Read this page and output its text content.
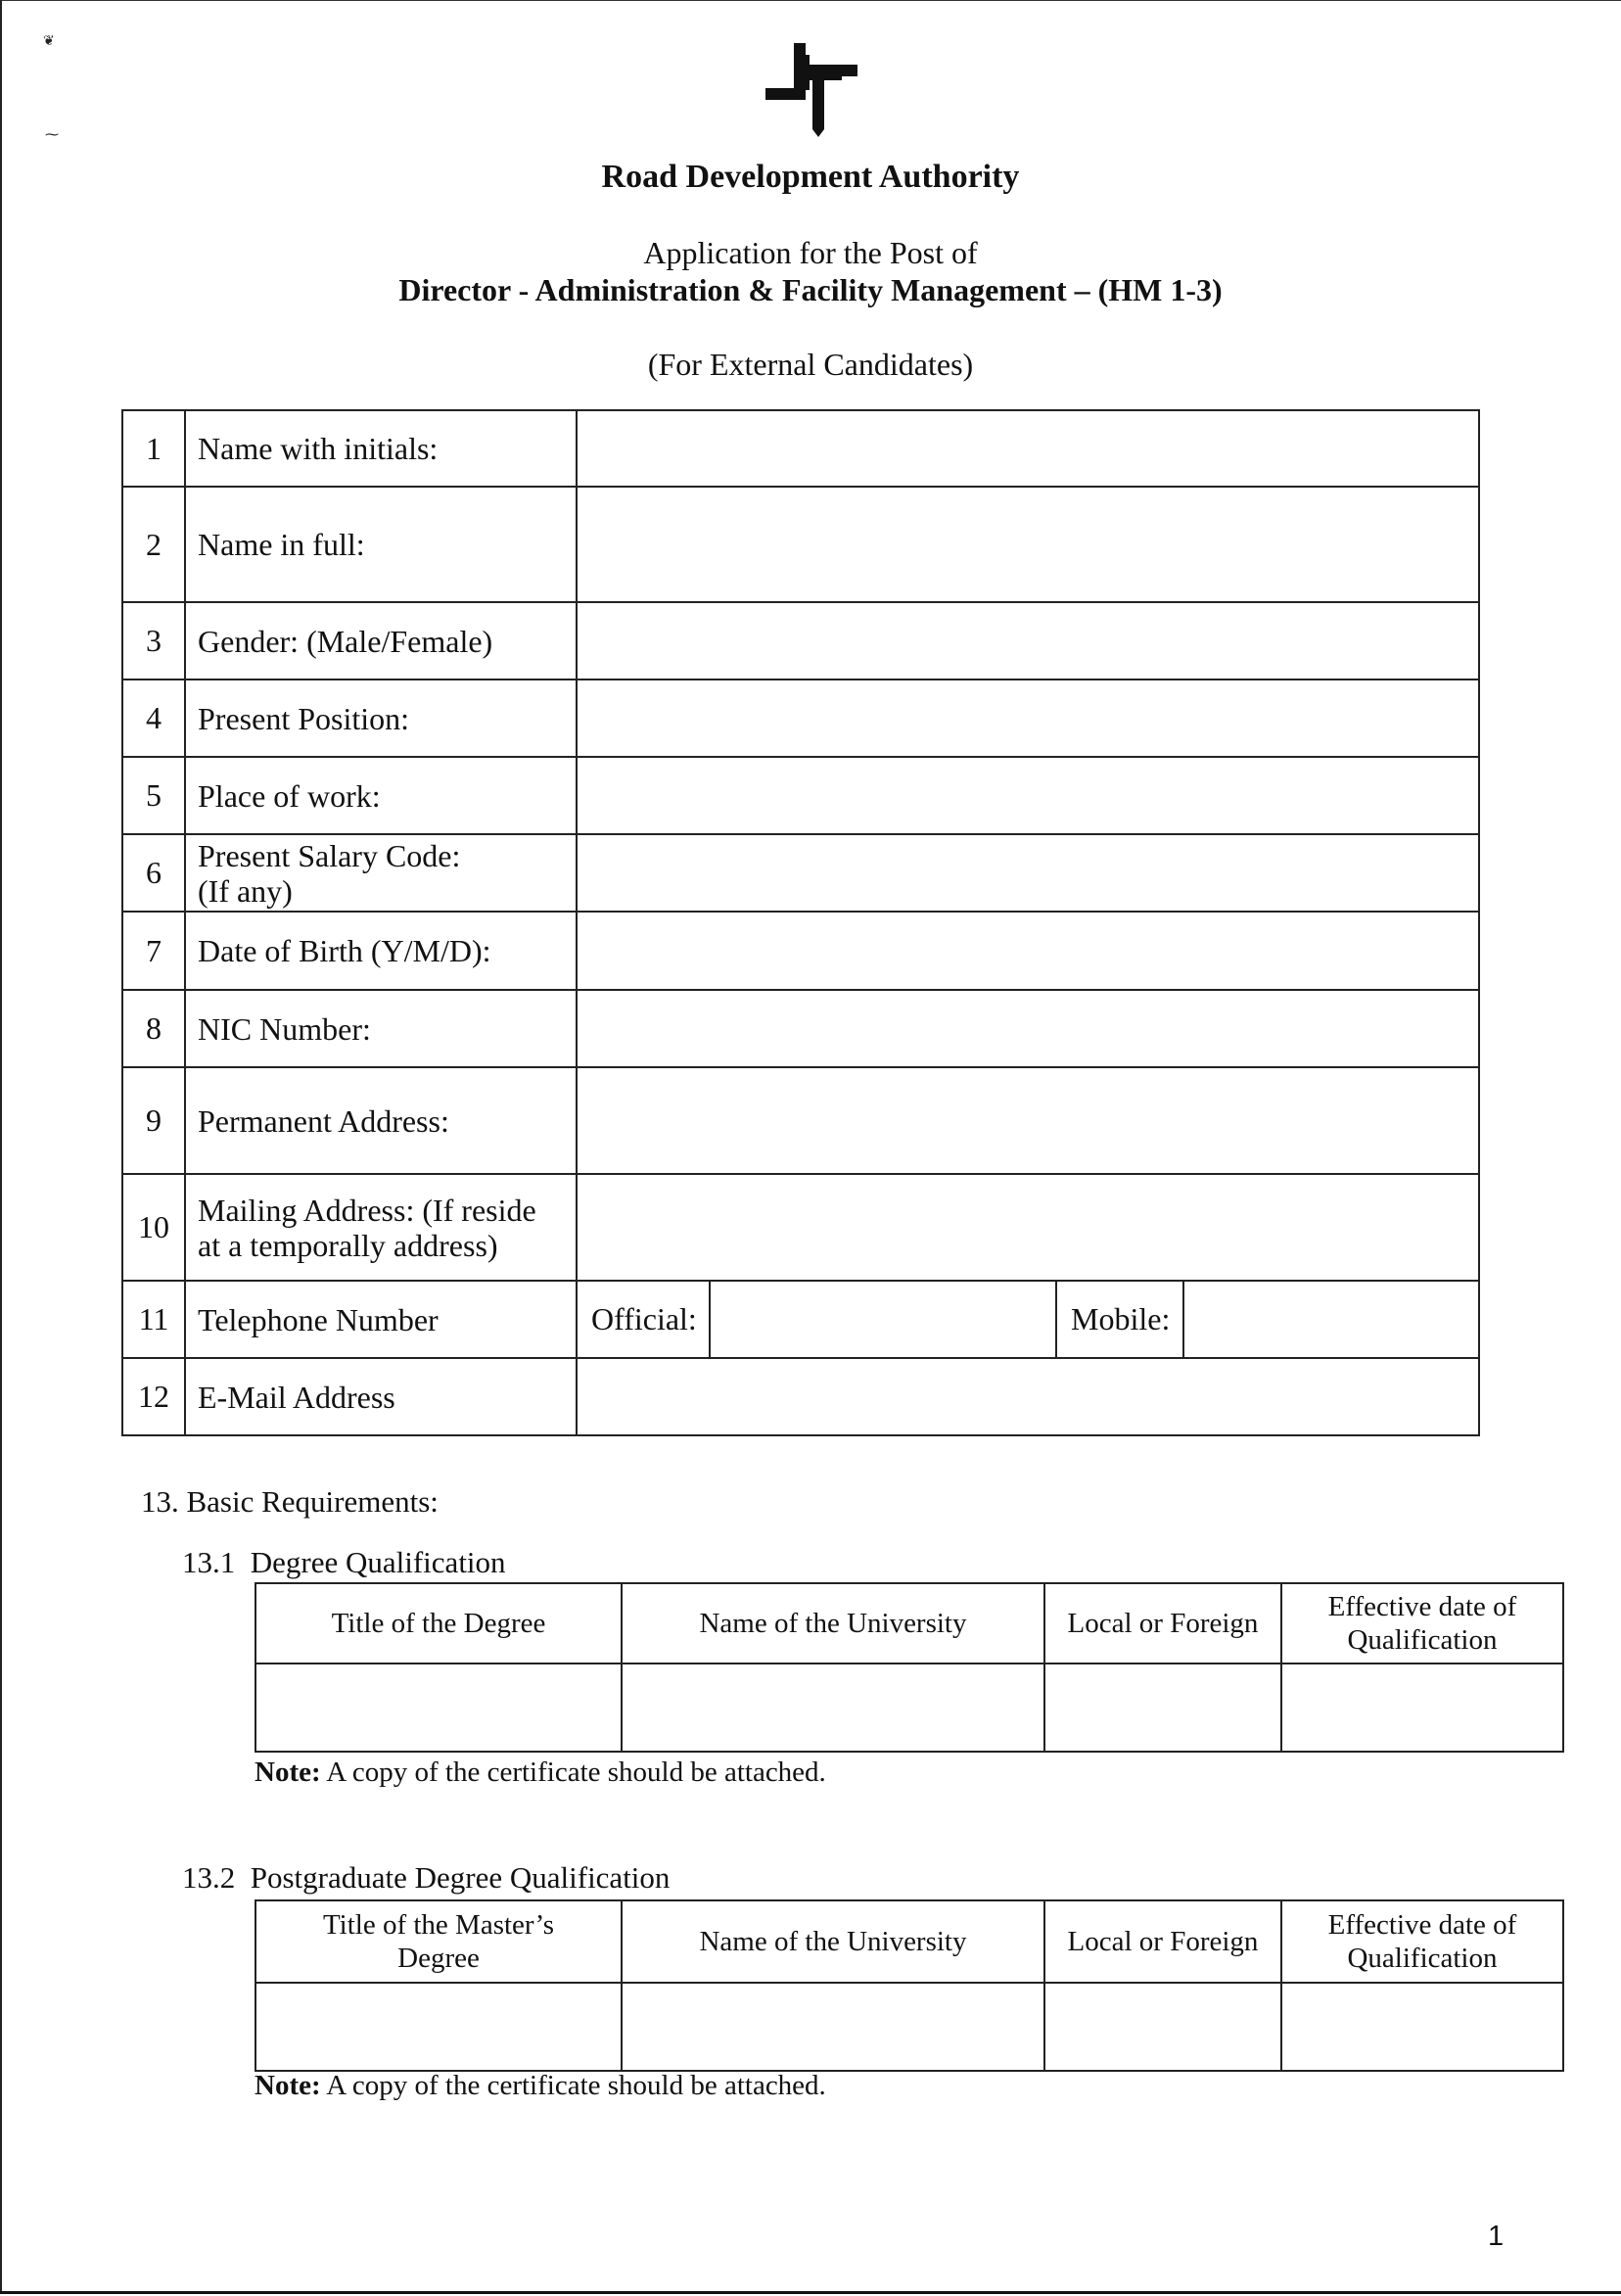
❦
⁓
Road Development Authority
Application for the Post of
Director - Administration & Facility Management – (HM 1-3)
(For External Candidates)
1	Name with initials:				
2	Name in full:				
3	Gender: (Male/Female)				
4	Present Position:				
5	Place of work:				
6	Present Salary Code:
(If any)				

7	Date of Birth (Y/M/D):				
8	NIC Number:				
9	Permanent Address:				
10	Mailing Address: (If reside
at a temporally address)				

11	Telephone Number	Official:		Mobile:	
12	E-Mail Address				
13. Basic Requirements:
13.1 Degree Qualification
Title of the Degree	Name of the University	Local or Foreign	Effective date of Qualification

Note: A copy of the certificate should be attached.
13.2 Postgraduate Degree Qualification
Title of the Master’s Degree	Name of the University	Local or Foreign	Effective date of Qualification

Note: A copy of the certificate should be attached.
1
